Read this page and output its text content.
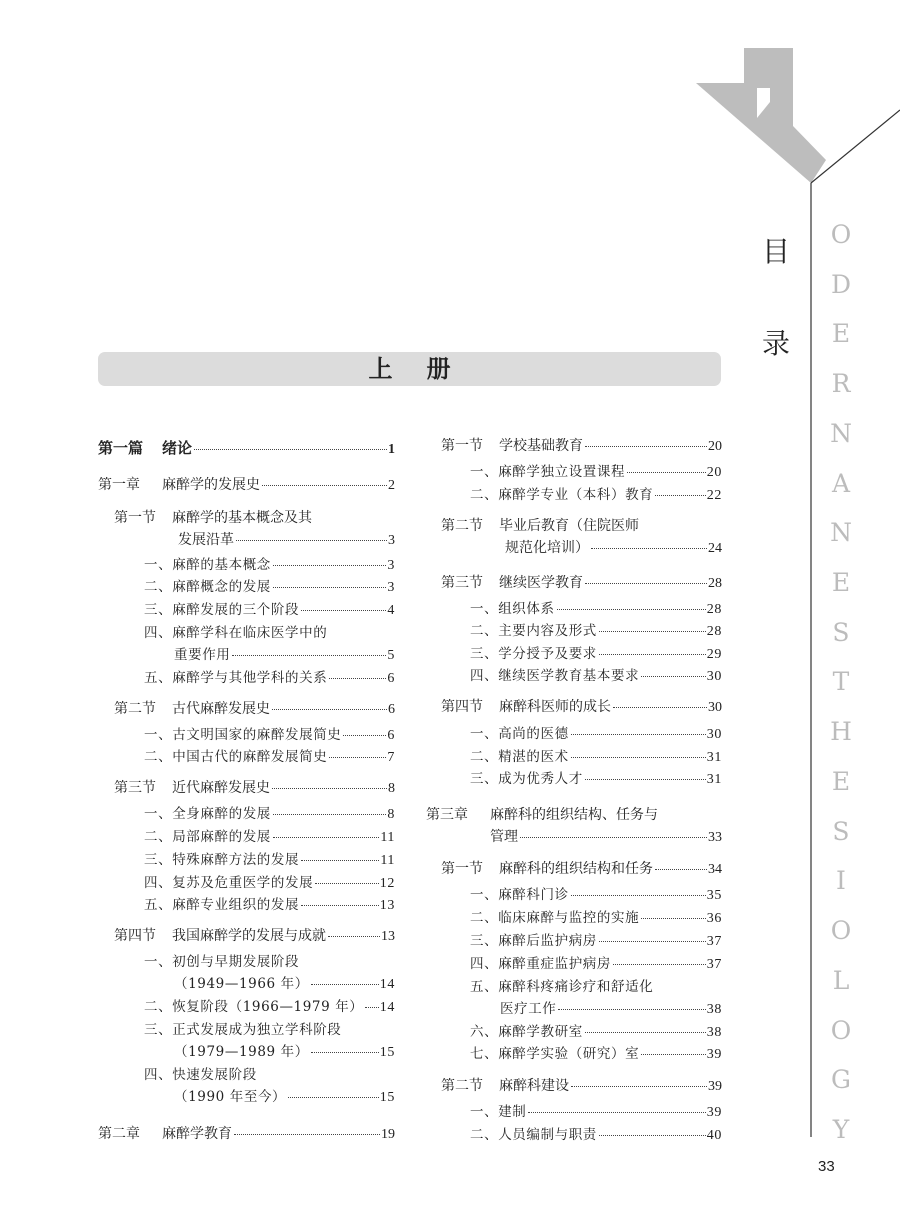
目
录
O
D
E
R
N
A
N
E
S
T
H
E
S
I
O
L
O
G
Y
上册
第一篇 绪论	1
第一章 麻醉学的发展史	2
第一节 麻醉学的基本概念及其
发展沿革	3
一、麻醉的基本概念	3
二、麻醉概念的发展	3
三、麻醉发展的三个阶段	4
四、麻醉学科在临床医学中的
重要作用	5
五、麻醉学与其他学科的关系	6
第二节 古代麻醉发展史	6
一、古文明国家的麻醉发展简史	6
二、中国古代的麻醉发展简史	7
第三节 近代麻醉发展史	8
一、全身麻醉的发展	8
二、局部麻醉的发展	11
三、特殊麻醉方法的发展	11
四、复苏及危重医学的发展	12
五、麻醉专业组织的发展	13
第四节 我国麻醉学的发展与成就	13
一、初创与早期发展阶段
（1949—1966 年）	14
二、恢复阶段（1966—1979 年） 14
三、正式发展成为独立学科阶段
（1979—1989 年）	15
四、快速发展阶段
（1990 年至今）	15
第二章 麻醉学教育	19
第一节 学校基础教育	20
一、麻醉学独立设置课程	20
二、麻醉学专业（本科）教育	22
第二节 毕业后教育（住院医师
规范化培训）	24
第三节 继续医学教育	28
一、组织体系	28
二、主要内容及形式	28
三、学分授予及要求	29
四、继续医学教育基本要求	30
第四节 麻醉科医师的成长	30
一、高尚的医德	30
二、精湛的医术	31
三、成为优秀人才	31
第三章 麻醉科的组织结构、任务与
管理	33
第一节 麻醉科的组织结构和任务	34
一、麻醉科门诊	35
二、临床麻醉与监控的实施	36
三、麻醉后监护病房	37
四、麻醉重症监护病房	37
五、麻醉科疼痛诊疗和舒适化
医疗工作	38
六、麻醉学教研室	38
七、麻醉学实验（研究）室	39
第二节 麻醉科建设	39
一、建制	39
二、人员编制与职责	40
33
